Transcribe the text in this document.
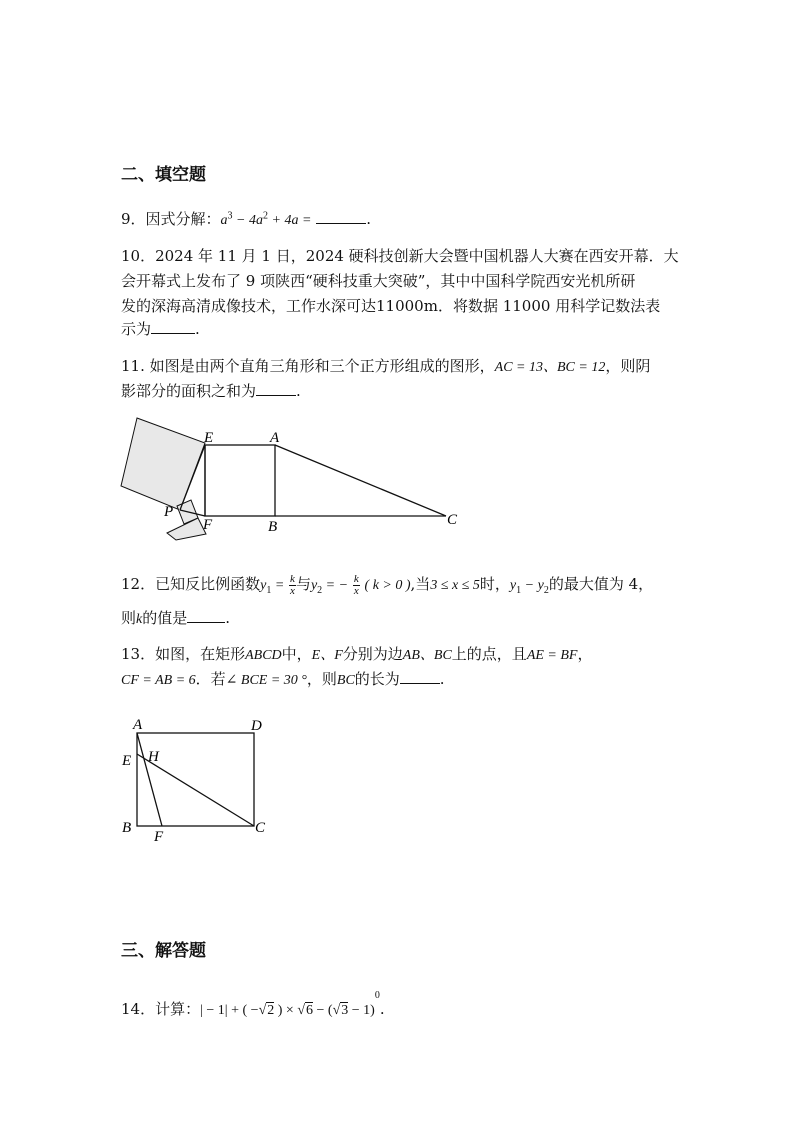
二、填空题
9．因式分解：$a^3 - 4a^2 + 4a$ =	.
10．2024 年 11 月 1 日，2024 硬科技创新大会暨中国机器人大赛在西安开幕．大
会开幕式上发布了 9 项陕西“硬科技重大突破”，其中中国科学院西安光机所研
发的深海高清成像技术，工作水深可达11000m．将数据 11000 用科学记数法表
示为	.
11. 如图是由两个直角三角形和三个正方形组成的图形，AC = 13、BC = 12，则阴
影部分的面积之和为	.
E	A
P
F	B	C
12．已知反比例函数$y_1 = \frac{k}{x}$ 与$y_2$ = − $\frac{k}{x}$ ( k > 0 ),当3 ≤ x ≤ 5时，$y_1 - y_2$的最大值为 4，
则k的值是	.
13．如图，在矩形ABCD中，E、F分别为边AB、BC上的点，且AE = BF，
CF = AB = 6．若∠ BCE = 30 °，则BC的长为	.
A	D
E H
B
F
C
三、解答题
14．计算：| − 1| + ( −√2 ) × $√6 - (√3 - 1)^0$.
